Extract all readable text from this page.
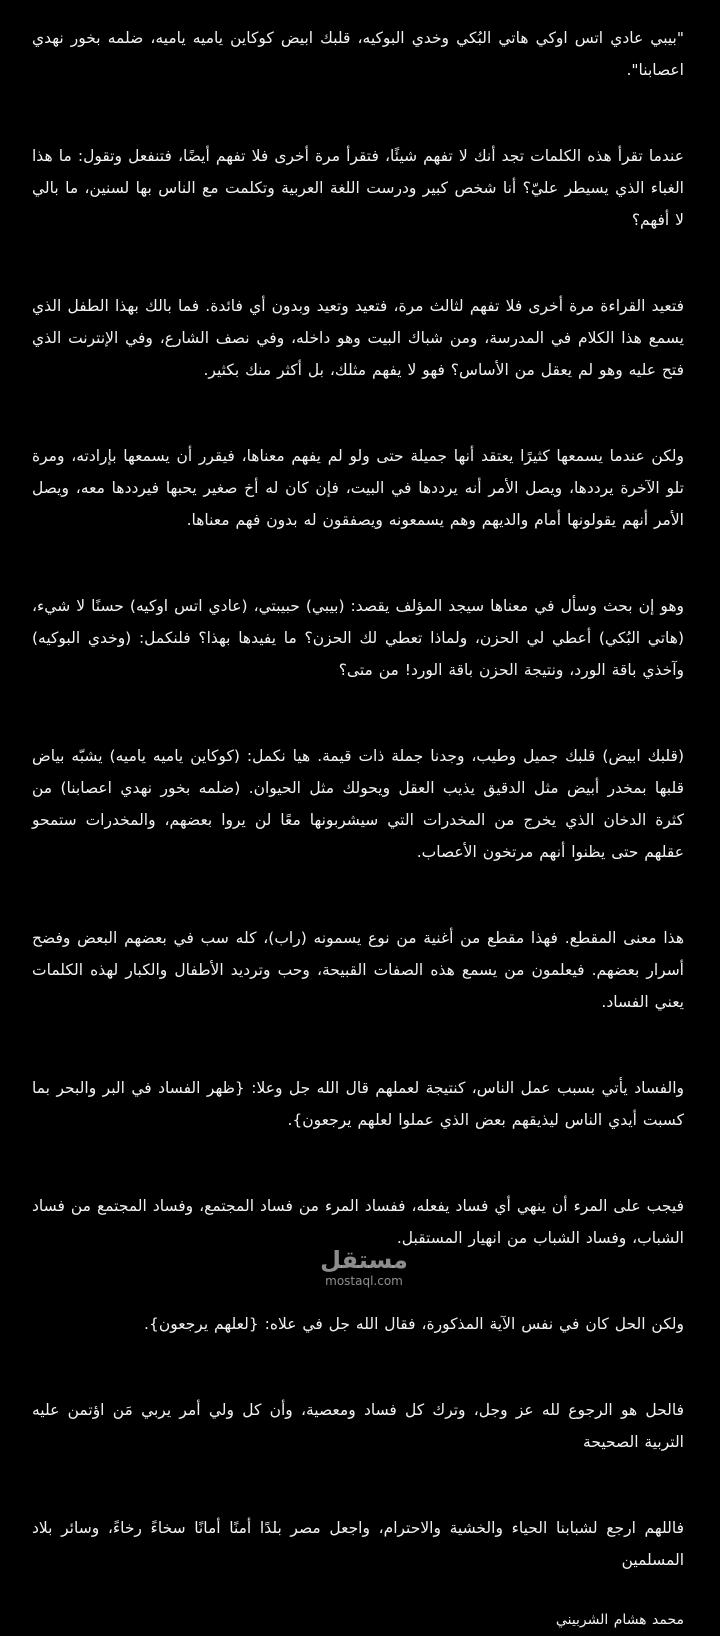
"بيبي عادي اتس اوكي هاتي البُكي وخدي البوكيه، قلبك ابيض كوكاين ياميه ياميه، ضلمه بخور نهدي اعصابنا".

عندما تقرأ هذه الكلمات تجد أنك لا تفهم شيئًا، فتقرأ مرة أخرى فلا تفهم أيضًا، فتنفعل وتقول: ما هذا الغباء الذي يسيطر عليّ؟ أنا شخص كبير ودرست اللغة العربية وتكلمت مع الناس بها لسنين، ما بالي لا أفهم؟

فتعيد القراءة مرة أخرى فلا تفهم لثالث مرة، فتعيد وتعيد وبدون أي فائدة. فما بالك بهذا الطفل الذي يسمع هذا الكلام في المدرسة، ومن شباك البيت وهو داخله، وفي نصف الشارع، وفي الإنترنت الذي فتح عليه وهو لم يعقل من الأساس؟ فهو لا يفهم مثلك، بل أكثر منك بكثير.

ولكن عندما يسمعها كثيرًا يعتقد أنها جميلة حتى ولو لم يفهم معناها، فيقرر أن يسمعها بإرادته، ومرة تلو الآخرة يرددها، ويصل الأمر أنه يرددها في البيت، فإن كان له أخ صغير يحبها فيرددها معه، ويصل الأمر أنهم يقولونها أمام والديهم وهم يسمعونه ويصفقون له بدون فهم معناها.

وهو إن بحث وسأل في معناها سيجد المؤلف يقصد: (بيبي) حبيبتي، (عادي اتس اوكيه) حسنًا لا شيء، (هاتي البُكي) أعطي لي الحزن، ولماذا تعطي لك الحزن؟ ما يفيدها بهذا؟ فلنكمل: (وخدي البوكيه) وآخذي باقة الورد، ونتيجة الحزن باقة الورد! من متى؟

(قلبك ابيض) قلبك جميل وطيب، وجدنا جملة ذات قيمة. هيا نكمل: (كوكاين ياميه ياميه) يشبّه بياض قلبها بمخدر أبيض مثل الدقيق يذيب العقل ويحولك مثل الحيوان. (ضلمه بخور نهدي اعصابنا) من كثرة الدخان الذي يخرج من المخدرات التي سيشربونها معًا لن يروا بعضهم، والمخدرات ستمحو عقلهم حتى يظنوا أنهم مرتخون الأعصاب.

هذا معنى المقطع. فهذا مقطع من أغنية من نوع يسمونه (راب)، كله سب في بعضهم البعض وفضح أسرار بعضهم. فيعلمون من يسمع هذه الصفات القبيحة، وحب وترديد الأطفال والكبار لهذه الكلمات يعني الفساد.

والفساد يأتي بسبب عمل الناس، كنتيجة لعملهم قال الله جل وعلا: {ظهر الفساد في البر والبحر بما كسبت أيدي الناس ليذيقهم بعض الذي عملوا لعلهم يرجعون}.

فيجب على المرء أن ينهي أي فساد يفعله، ففساد المرء من فساد المجتمع، وفساد المجتمع من فساد الشباب، وفساد الشباب من انهيار المستقبل.

ولكن الحل كان في نفس الآية المذكورة، فقال الله جل في علاه: {لعلهم يرجعون}.

فالحل هو الرجوع لله عز وجل، وترك كل فساد ومعصية، وأن كل ولي أمر يربي مَن اؤتمن عليه التربية الصحيحة

فاللهم ارجع لشبابنا الحياء والخشية والاحترام، واجعل مصر بلدًا أمنًا أمانًا سخاءً رخاءً، وسائر بلاد المسلمين

محمد هشام الشربيني

مستقل
mostaql.com
